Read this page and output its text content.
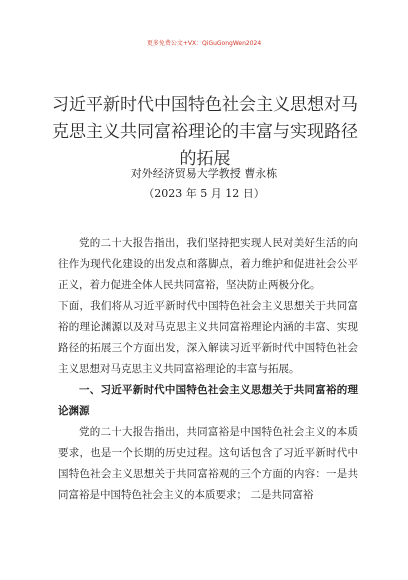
更多免费公文+VX：QiGuGongWen2024
习近平新时代中国特色社会主义思想对马克思主义共同富裕理论的丰富与实现路径的拓展
对外经济贸易大学教授 曹永栋
（2023 年 5 月 12 日）

党的二十大报告指出，我们坚持把实现人民对美好生活的向往作为现代化建设的出发点和落脚点，着力维护和促进社会公平正义，着力促进全体人民共同富裕，坚决防止两极分化。

下面，我们将从习近平新时代中国特色社会主义思想关于共同富裕的理论渊源以及对马克思主义共同富裕理论内涵的丰富、实现路径的拓展三个方面出发，深入解读习近平新时代中国特色社会主义思想对马克思主义共同富裕理论的丰富与拓展。

一、习近平新时代中国特色社会主义思想关于共同富裕的理论渊源

党的二十大报告指出，共同富裕是中国特色社会主义的本质要求，也是一个长期的历史过程。这句话包含了习近平新时代中国特色社会主义思想关于共同富裕观的三个方面的内容：一是共同富裕是中国特色社会主义的本质要求； 二是共同富裕
